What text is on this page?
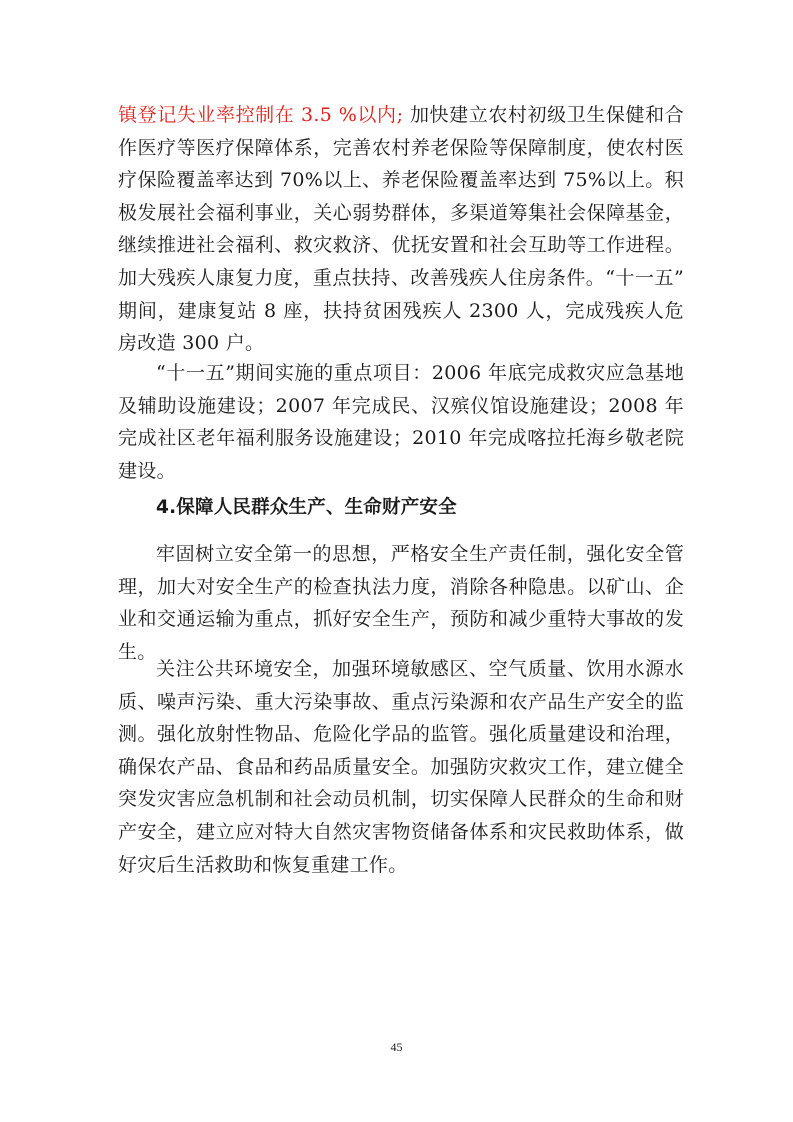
镇登记失业率控制在 3.5 %以内; 加快建立农村初级卫生保健和合作医疗等医疗保障体系，完善农村养老保险等保障制度，使农村医疗保险覆盖率达到 70%以上、养老保险覆盖率达到 75%以上。积极发展社会福利事业，关心弱势群体，多渠道筹集社会保障基金，继续推进社会福利、救灾救济、优抚安置和社会互助等工作进程。加大残疾人康复力度，重点扶持、改善残疾人住房条件。“十一五” 期间，建康复站 8 座，扶持贫困残疾人 2300 人，完成残疾人危房改造 300 户。

“十一五”期间实施的重点项目：2006 年底完成救灾应急基地及辅助设施建设；2007 年完成民、汉殡仪馆设施建设；2008 年完成社区老年福利服务设施建设；2010 年完成喀拉托海乡敬老院建设。

4.保障人民群众生产、生命财产安全

牢固树立安全第一的思想，严格安全生产责任制，强化安全管理，加大对安全生产的检查执法力度，消除各种隐患。以矿山、企业和交通运输为重点，抓好安全生产，预防和减少重特大事故的发生。

关注公共环境安全，加强环境敏感区、空气质量、饮用水源水质、噪声污染、重大污染事故、重点污染源和农产品生产安全的监测。强化放射性物品、危险化学品的监管。强化质量建设和治理，确保农产品、食品和药品质量安全。加强防灾救灾工作，建立健全突发灾害应急机制和社会动员机制，切实保障人民群众的生命和财产安全，建立应对特大自然灾害物资储备体系和灾民救助体系，做好灾后生活救助和恢复重建工作。

45
